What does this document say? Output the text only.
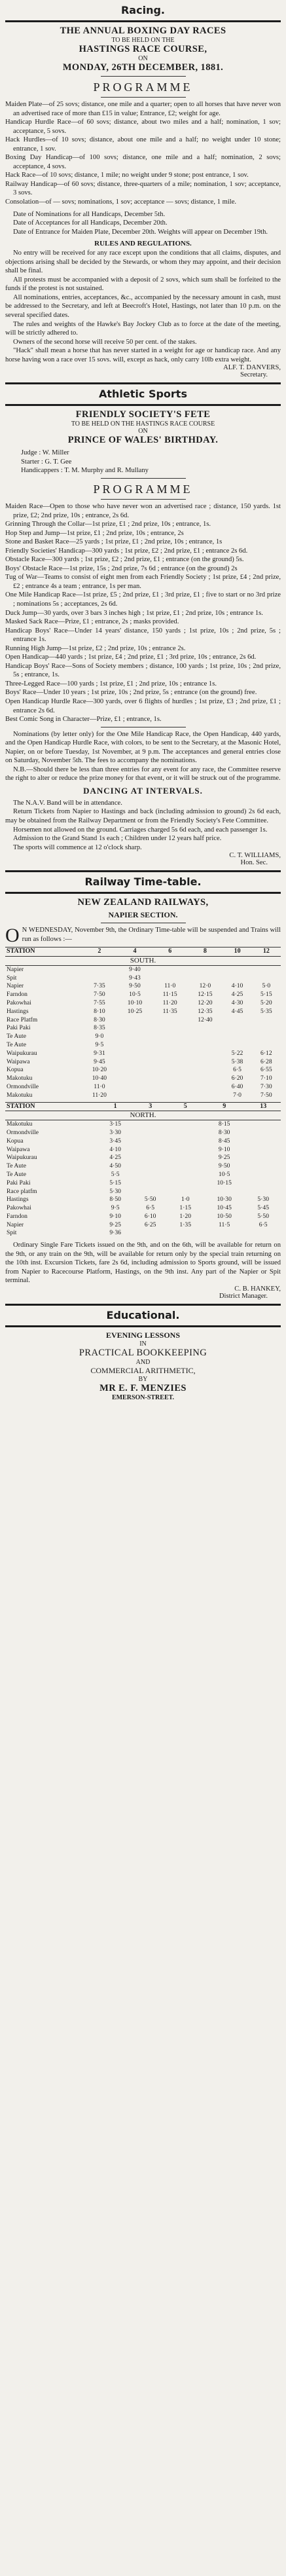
Racing.
THE ANNUAL BOXING DAY RACES
TO BE HELD ON THE
HASTINGS RACE COURSE,
ON
MONDAY, 26TH DECEMBER, 1881.
PROGRAMME

Maiden Plate—of 25 sovs; distance, one mile and a quarter; open to all horses that have never won an advertised race of more than £15 in value; Entrance, £2; weight for age.

Handicap Hurdle Race—of 60 sovs; distance, about two miles and a half; nomination, 1 sov; acceptance, 5 sovs.

Hack Hurdles—of 10 sovs; distance, about one mile and a half; no weight under 10 stone; entrance, 1 sov.

Boxing Day Handicap—of 100 sovs; distance, one mile and a half; nomination, 2 sovs; acceptance, 4 sovs.

Hack Race—of 10 sovs; distance, 1 mile; no weight under 9 stone; post entrance, 1 sov.

Railway Handicap—of 60 sovs; distance, three-quarters of a mile; nomination, 1 sov; acceptance, 3 sovs.

Consolation—of — sovs; nominations, 1 sov; acceptance — sovs; distance, 1 mile.

Date of Nominations for all Handicaps, December 5th.

Date of Acceptances for all Handicaps, December 20th.

Date of Entrance for Maiden Plate, December 20th. Weights will appear on December 19th.

RULES AND REGULATIONS.

No entry will be received for any race except upon the conditions that all claims, disputes, and objections arising shall be decided by the Stewards, or whom they may appoint, and their decision shall be final.

All protests must be accompanied with a deposit of 2 sovs, which sum shall be forfeited to the funds if the protest is not sustained.

All nominations, entries, acceptances, &c., accompanied by the necessary amount in cash, must be addressed to the Secretary, and left at Beecroft's Hotel, Hastings, not later than 10 p.m. on the several specified dates.

The rules and weights of the Hawke's Bay Jockey Club as to force at the date of the meeting, will be strictly adhered to.

Owners of the second horse will receive 50 per cent. of the stakes.

"Hack" shall mean a horse that has never started in a weight for age or handicap race. And any horse having won a race over 15 sovs. will, except as hack, only carry 10lb extra weight.

ALF. T. DANVERS,
Secretary.
Athletic Sports
FRIENDLY SOCIETY'S FETE
TO BE HELD ON THE HASTINGS RACE COURSE
ON
PRINCE OF WALES' BIRTHDAY.

Judge : W. Miller

Starter : G. T. Gee

Handicappers : T. M. Murphy and R. Mullany

PROGRAMME

Maiden Race—Open to those who have never won an advertised race ; distance, 150 yards. 1st prize, £2; 2nd prize, 10s ; entrance, 2s 6d.

Grinning Through the Collar—1st prize, £1 ; 2nd prize, 10s ; entrance, 1s.

Hop Step and Jump—1st prize, £1 ; 2nd prize, 10s ; entrance, 2s

Stone and Basket Race—25 yards ; 1st prize, £1 ; 2nd prize, 10s ; entrance, 1s

Friendly Societies' Handicap—300 yards ; 1st prize, £2 ; 2nd prize, £1 ; entrance 2s 6d.

Obstacle Race—300 yards ; 1st prize, £2 ; 2nd prize, £1 ; entrance (on the ground) 5s.

Boys' Obstacle Race—1st prize, 15s ; 2nd prize, 7s 6d ; entrance (on the ground) 2s

Tug of War—Teams to consist of eight men from each Friendly Society ; 1st prize, £4 ; 2nd prize, £2 ; entrance 4s a team ; entrance, 1s per man.

One Mile Handicap Race—1st prize, £5 ; 2nd prize, £1 ; 3rd prize, £1 ; five to start or no 3rd prize ; nominations 5s ; acceptances, 2s 6d.

Duck Jump—30 yards, over 3 bars 3 inches high ; 1st prize, £1 ; 2nd prize, 10s ; entrance 1s.

Masked Sack Race—Prize, £1 ; entrance, 2s ; masks provided.

Handicap Boys' Race—Under 14 years' distance, 150 yards ; 1st prize, 10s ; 2nd prize, 5s ; entrance 1s.

Running High Jump—1st prize, £2 ; 2nd prize, 10s ; entrance 2s.

Open Handicap—440 yards ; 1st prize, £4 ; 2nd prize, £1 ; 3rd prize, 10s ; entrance, 2s 6d.

Handicap Boys' Race—Sons of Society members ; distance, 100 yards ; 1st prize, 10s ; 2nd prize, 5s ; entrance, 1s.

Three-Legged Race—100 yards ; 1st prize, £1 ; 2nd prize, 10s ; entrance 1s.

Boys' Race—Under 10 years ; 1st prize, 10s ; 2nd prize, 5s ; entrance (on the ground) free.

Open Handicap Hurdle Race—300 yards, over 6 flights of hurdles ; 1st prize, £3 ; 2nd prize, £1 ; entrance 2s 6d.

Best Comic Song in Character—Prize, £1 ; entrance, 1s.

Nominations (by letter only) for the One Mile Handicap Race, the Open Handicap, 440 yards, and the Open Handicap Hurdle Race, with colors, to be sent to the Secretary, at the Masonic Hotel, Napier, on or before Tuesday, 1st November, at 9 p.m. The acceptances and general entries close on Saturday, November 5th. The fees to accompany the nominations.

N.B.—Should there be less than three entries for any event for any race, the Committee reserve the right to alter or reduce the prize money for that event, or it will be struck out of the programme.

DANCING AT INTERVALS.

The N.A.V. Band will be in attendance.

Return Tickets from Napier to Hastings and back (including admission to ground) 2s 6d each, may be obtained from the Railway Department or from the Friendly Society's Fete Committee.

Horsemen not allowed on the ground. Carriages charged 5s 6d each, and each passenger 1s.

Admission to the Grand Stand 1s each ; Children under 12 years half price.

The sports will commence at 12 o'clock sharp.

C. T. WILLIAMS,
Hon. Sec.
Railway Time-table.
NEW ZEALAND RAILWAYS,
NAPIER SECTION.

O N WEDNESDAY, November 9th, the Ordinary Time-table will be suspended and Trains will run as follows :—

STATION		2	4	6	8	10	12
SOUTH.							
Napier			9·40				
Spit			9·43				
Napier		7·35	9·50	11·0	12·0	4·10	5·0
Farndon		7·50	10·5	11·15	12·15	4·25	5·15
Pakowhai		7·55	10·10	11·20	12·20	4·30	5·20
Hastings		8·10	10·25	11·35	12·35	4·45	5·35
Race Platfm		8·30			12·40		
Paki Paki		8·35					
Te Aute		9·0					
Te Aute		9·5					
Waipukurau		9·31				5·22	6·12
Waipawa		9·45				5·38	6·28
Kopua		10·20				6·5	6·55
Makotuku		10·40				6·20	7·10
Ormondville		11·0				6·40	7·30
Makotuku		11·20				7·0	7·50
STATION		1	3	5	9	13
NORTH.						
Makotuku		3·15			8·15	
Ormondville		3·30			8·30	
Kopua		3·45			8·45	
Waipawa		4·10			9·10	
Waipukurau		4·25			9·25	
Te Aute		4·50			9·50	
Te Aute		5·5			10·5	
Paki Paki		5·15			10·15	
Race platfm		5·30				
Hastings		8·50	5·50	1·0	10·30	5·30
Pakowhai		9·5	6·5	1·15	10·45	5·45
Farndon		9·10	6·10	1·20	10·50	5·50
Napier		9·25	6·25	1·35	11·5	6·5
Spit		9·36				

Ordinary Single Fare Tickets issued on the 9th, and on the 6th, will be available for return on the 9th, or any train on the 9th, will be available for return only by the special train returning on the 10th inst. Excursion Tickets, fare 2s 6d, including admission to Sports ground, will be issued from Napier to Racecourse Platform, Hastings, on the 9th inst. Any part of the Napier or Spit terminal.

C. B. HANKEY,
District Manager.
Educational.
EVENING LESSONS
IN
PRACTICAL BOOKKEEPING
AND
COMMERCIAL ARITHMETIC,
BY
MR E. F. MENZIES
EMERSON-STREET.
